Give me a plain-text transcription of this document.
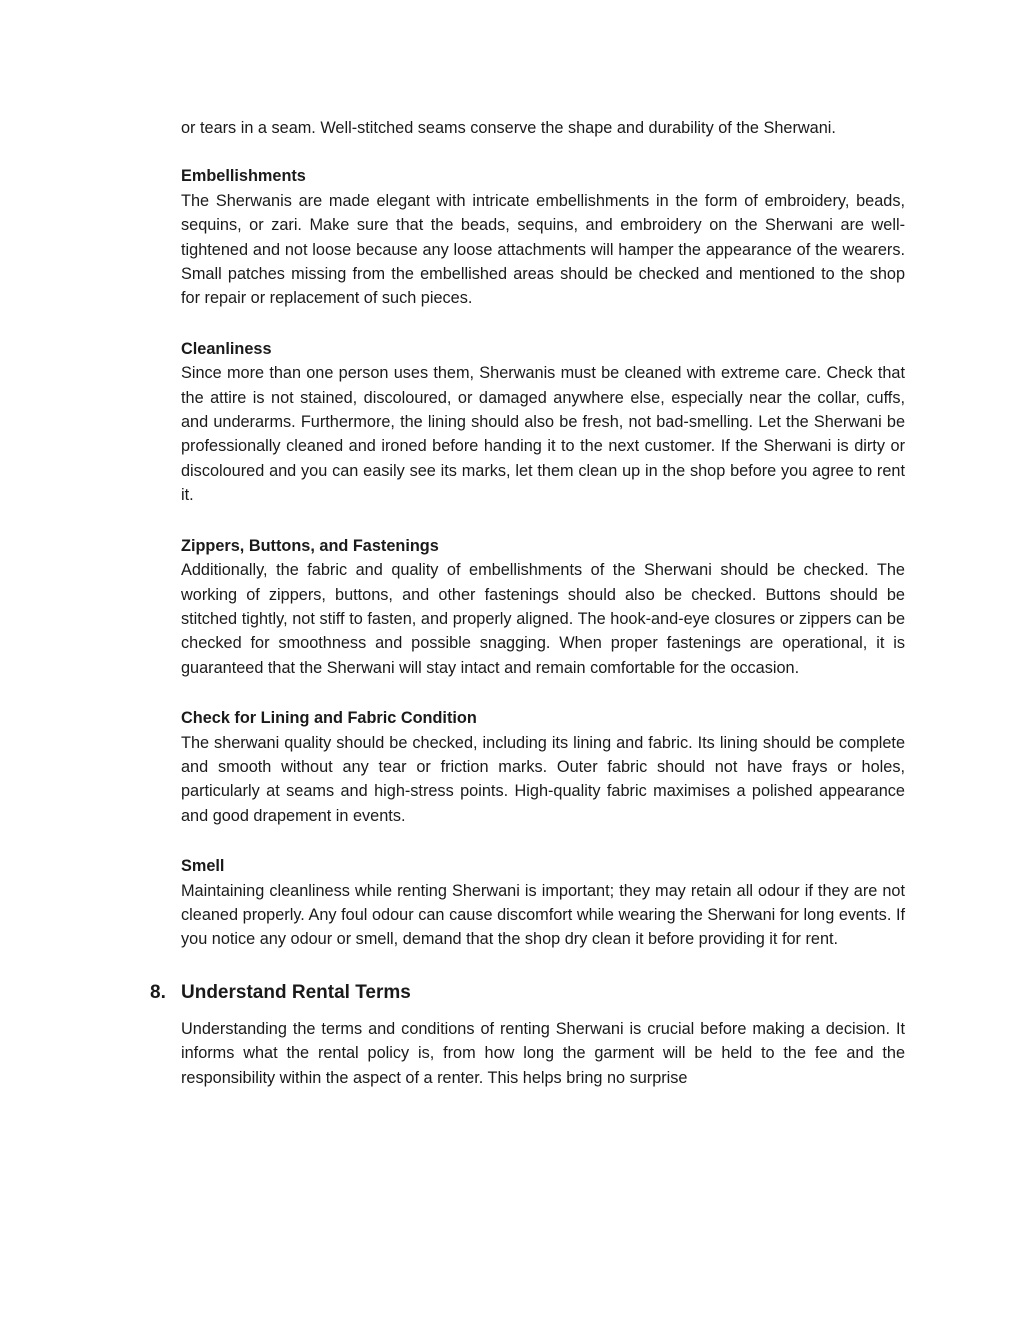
or tears in a seam. Well-stitched seams conserve the shape and durability of the Sherwani.

Embellishments

The Sherwanis are made elegant with intricate embellishments in the form of embroidery, beads, sequins, or zari. Make sure that the beads, sequins, and embroidery on the Sherwani are well-tightened and not loose because any loose attachments will hamper the appearance of the wearers. Small patches missing from the embellished areas should be checked and mentioned to the shop for repair or replacement of such pieces.

Cleanliness

Since more than one person uses them, Sherwanis must be cleaned with extreme care. Check that the attire is not stained, discoloured, or damaged anywhere else, especially near the collar, cuffs, and underarms. Furthermore, the lining should also be fresh, not bad-smelling. Let the Sherwani be professionally cleaned and ironed before handing it to the next customer. If the Sherwani is dirty or discoloured and you can easily see its marks, let them clean up in the shop before you agree to rent it.

Zippers, Buttons, and Fastenings

Additionally, the fabric and quality of embellishments of the Sherwani should be checked. The working of zippers, buttons, and other fastenings should also be checked. Buttons should be stitched tightly, not stiff to fasten, and properly aligned. The hook-and-eye closures or zippers can be checked for smoothness and possible snagging. When proper fastenings are operational, it is guaranteed that the Sherwani will stay intact and remain comfortable for the occasion.

Check for Lining and Fabric Condition

The sherwani quality should be checked, including its lining and fabric. Its lining should be complete and smooth without any tear or friction marks. Outer fabric should not have frays or holes, particularly at seams and high-stress points. High-quality fabric maximises a polished appearance and good drapement in events.

Smell

Maintaining cleanliness while renting Sherwani is important; they may retain all odour if they are not cleaned properly. Any foul odour can cause discomfort while wearing the Sherwani for long events. If you notice any odour or smell, demand that the shop dry clean it before providing it for rent.

8. Understand Rental Terms

Understanding the terms and conditions of renting Sherwani is crucial before making a decision. It informs what the rental policy is, from how long the garment will be held to the fee and the responsibility within the aspect of a renter. This helps bring no surprise
